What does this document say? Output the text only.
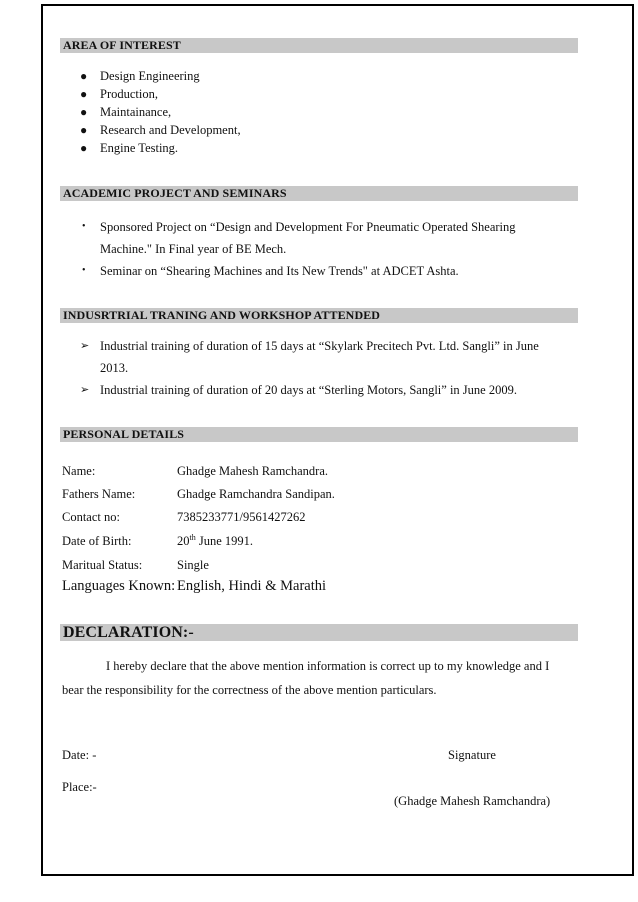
AREA OF INTEREST
● Design Engineering
● Production,
● Maintainance,
● Research and Development,
● Engine Testing.
ACADEMIC PROJECT AND SEMINARS
• Sponsored Project on “Design and Development For Pneumatic Operated Shearing
Machine." In Final year of BE Mech.
• Seminar on “Shearing Machines and Its New Trends" at ADCET Ashta.
INDUSRTRIAL TRANING AND WORKSHOP ATTENDED
➢ Industrial training of duration of 15 days at “Skylark Precitech Pvt. Ltd. Sangli” in June
2013.
➢ Industrial training of duration of 20 days at “Sterling Motors, Sangli” in June 2009.
PERSONAL DETAILS
Name:	Ghadge Mahesh Ramchandra.
Fathers Name:	Ghadge Ramchandra Sandipan.
Contact no:	7385233771/9561427262
Date of Birth:	20th June 1991.
Maritual Status:	Single
Languages Known: English, Hindi & Marathi
DECLARATION:-
I hereby declare that the above mention information is correct up to my knowledge and I
bear the responsibility for the correctness of the above mention particulars.
Date: -	Signature
Place:-
(Ghadge Mahesh Ramchandra)
